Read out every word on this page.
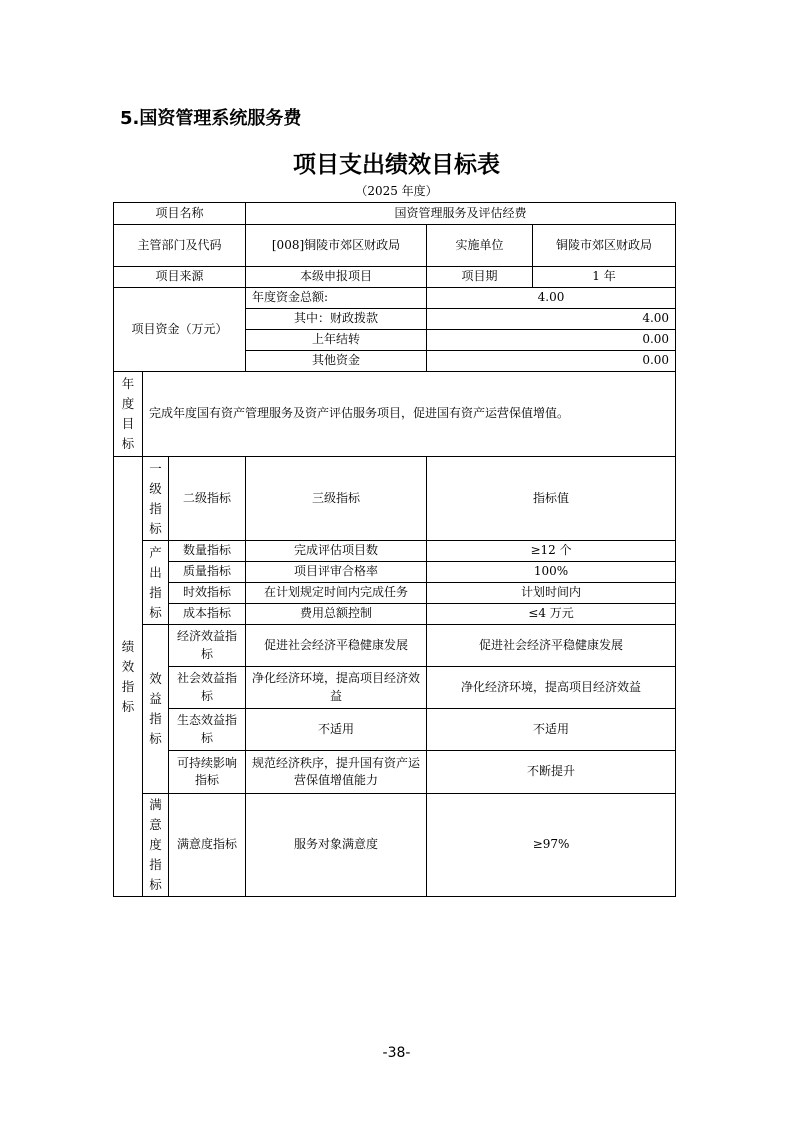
5.国资管理系统服务费
项目支出绩效目标表
（2025 年度）
项目名称			国资管理服务及评估经费		
主管部门及代码			[008]铜陵市郊区财政局	实施单位	铜陵市郊区财政局
项目来源			本级申报项目	项目期	1 年
项目资金（万元）			年度资金总额:	4.00	
			其中：财政拨款	4.00	
			上年结转	0.00	
			其他资金	0.00	

年度目标	完成年度国有资产管理服务及资产评估服务项目，促进国有资产运营保值增值。				

绩效指标	一级指标	二级指标	三级指标	指标值	

	产出指标	数量指标	完成评估项目数	≥12 个	
		质量指标	项目评审合格率	100%	
		时效指标	在计划规定时间内完成任务	计划时间内	
		成本指标	费用总额控制	≤4 万元	

	效益指标	经济效益指标	促进社会经济平稳健康发展	促进社会经济平稳健康发展	
		社会效益指标	净化经济环境，提高项目经济效益	净化经济环境，提高项目经济效益	
		生态效益指标	不适用	不适用	
		可持续影响指标	规范经济秩序，提升国有资产运营保值增值能力	不断提升	

	满意度指标	满意度指标	服务对象满意度	≥97%	
-38-
